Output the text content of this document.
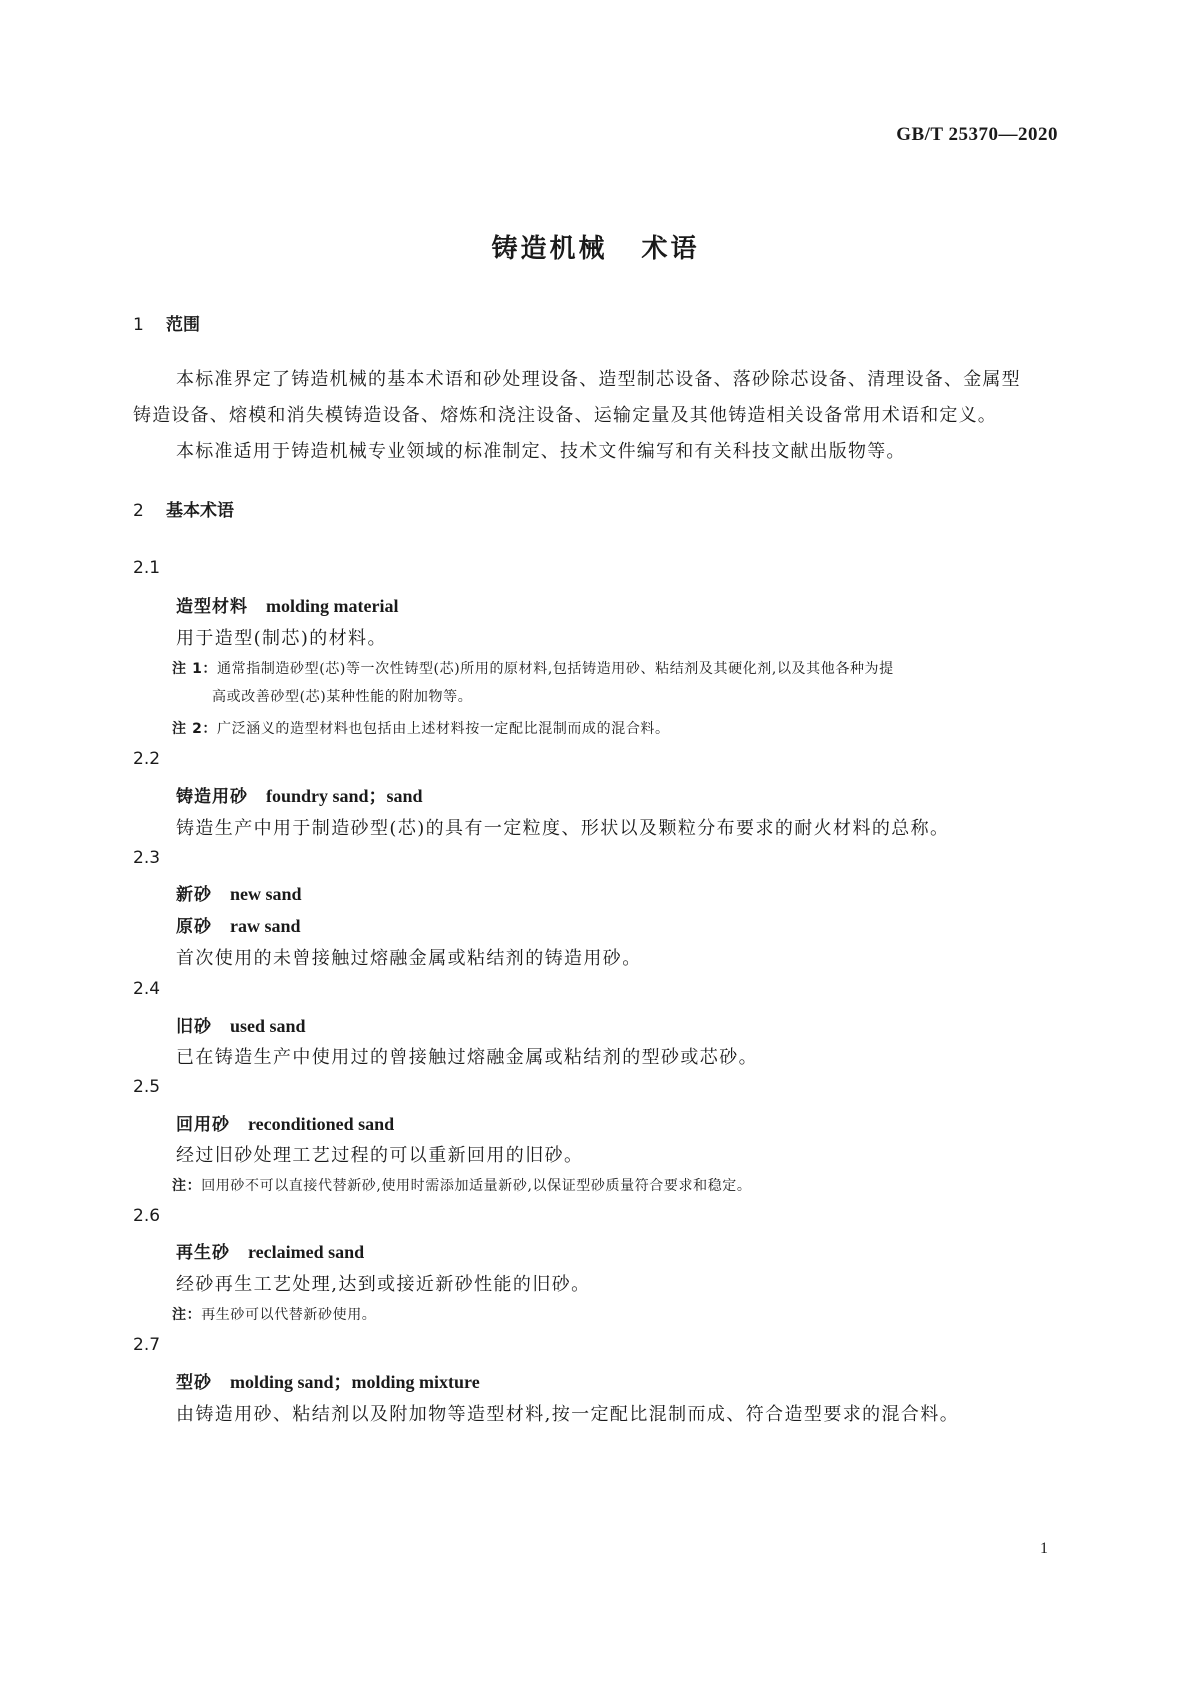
GB/T 25370—2020
铸造机械 术语
1 范围
本标准界定了铸造机械的基本术语和砂处理设备、造型制芯设备、落砂除芯设备、清理设备、金属型
铸造设备、熔模和消失模铸造设备、熔炼和浇注设备、运输定量及其他铸造相关设备常用术语和定义。
本标准适用于铸造机械专业领域的标准制定、技术文件编写和有关科技文献出版物等。
2 基本术语
2.1
造型材料 molding material
用于造型(制芯)的材料。
注 1：通常指制造砂型(芯)等一次性铸型(芯)所用的原材料,包括铸造用砂、粘结剂及其硬化剂,以及其他各种为提
高或改善砂型(芯)某种性能的附加物等。
注 2：广泛涵义的造型材料也包括由上述材料按一定配比混制而成的混合料。
2.2
铸造用砂 foundry sand；sand
铸造生产中用于制造砂型(芯)的具有一定粒度、形状以及颗粒分布要求的耐火材料的总称。
2.3
新砂 new sand
原砂 raw sand
首次使用的未曾接触过熔融金属或粘结剂的铸造用砂。
2.4
旧砂 used sand
已在铸造生产中使用过的曾接触过熔融金属或粘结剂的型砂或芯砂。
2.5
回用砂 reconditioned sand
经过旧砂处理工艺过程的可以重新回用的旧砂。
注：回用砂不可以直接代替新砂,使用时需添加适量新砂,以保证型砂质量符合要求和稳定。
2.6
再生砂 reclaimed sand
经砂再生工艺处理,达到或接近新砂性能的旧砂。
注：再生砂可以代替新砂使用。
2.7
型砂 molding sand；molding mixture
由铸造用砂、粘结剂以及附加物等造型材料,按一定配比混制而成、符合造型要求的混合料。
1
